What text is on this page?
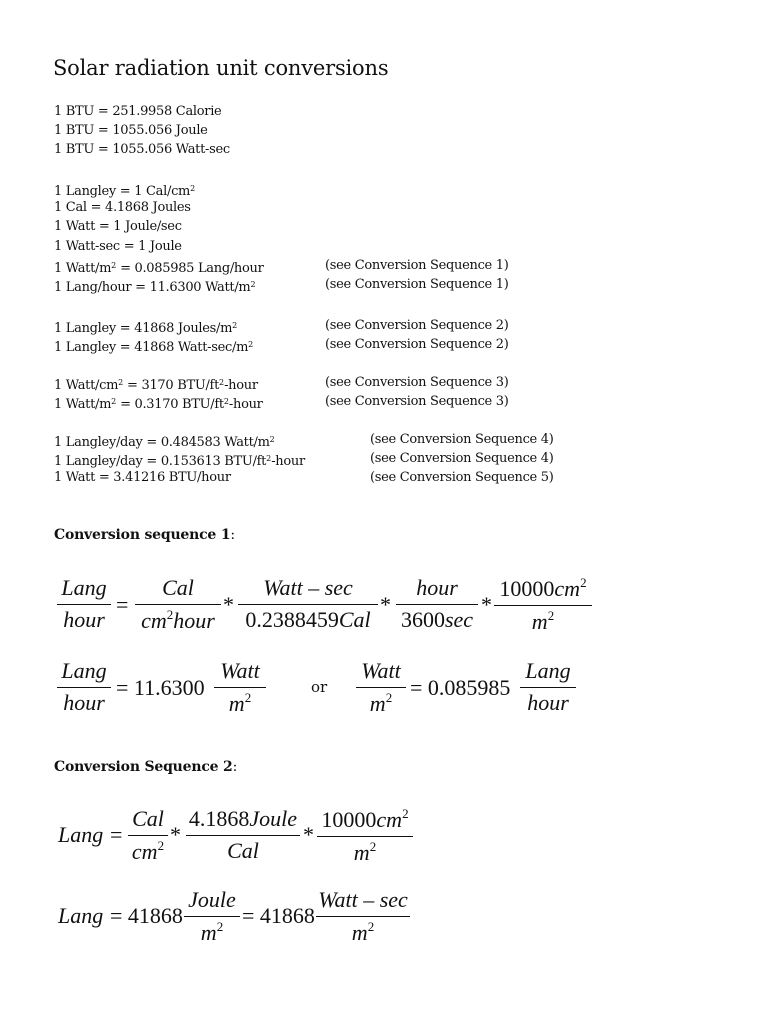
Solar radiation unit conversions
1 BTU = 251.9958 Calorie
1 BTU = 1055.056 Joule
1 BTU = 1055.056 Watt-sec
1 Langley = 1 Cal/$cm^2$
1 Cal = 4.1868 Joules
1 Watt = 1 Joule/sec
1 Watt-sec = 1 Joule
1 Watt/$m^2 = 0.085985$ Lang/hour	(see Conversion Sequence 1)
1 Lang/hour = 11.6300 Watt/$m^2$	(see Conversion Sequence 1)
1 Langley = 41868 Joules/$m^2$	(see Conversion Sequence 2)
1 Langley = 41868 Watt-$\sec/m^2$	(see Conversion Sequence 2)
1 Watt/$cm^2 = 3170$ BTU/$ft^2$-hour	(see Conversion Sequence 3)
1 Watt/$m^2 = 0.3170$ BTU/$ft^2$-hour	(see Conversion Sequence 3)
1 Langley/day = 0.484583 Watt/$m^2$	(see Conversion Sequence 4)
1 Langley/day = 0.153613 BTU/$ft^2$-hour	(see Conversion Sequence 4)
1 Watt = 3.41216 BTU/hour	(see Conversion Sequence 5)
Conversion sequence 1:
Lang
hour
=
Cal
$cm^2hour$
*
Watt – sec
0.2388459Cal
*
hour
3600sec
*
$10000cm^2$
$m^2$
Lang
hour
= 11.6300
Watt
$m^2$
or
Watt
$m^2 = 0.085985$
Lang
hour
Conversion Sequence 2:
Lang =
Cal
$cm^2$ *
4.1868Joule
Cal
*
$10000cm^2$
$m^2$
Lang = 41868
Joule
$m^2 = 41868$
Watt – sec
$m^2$
